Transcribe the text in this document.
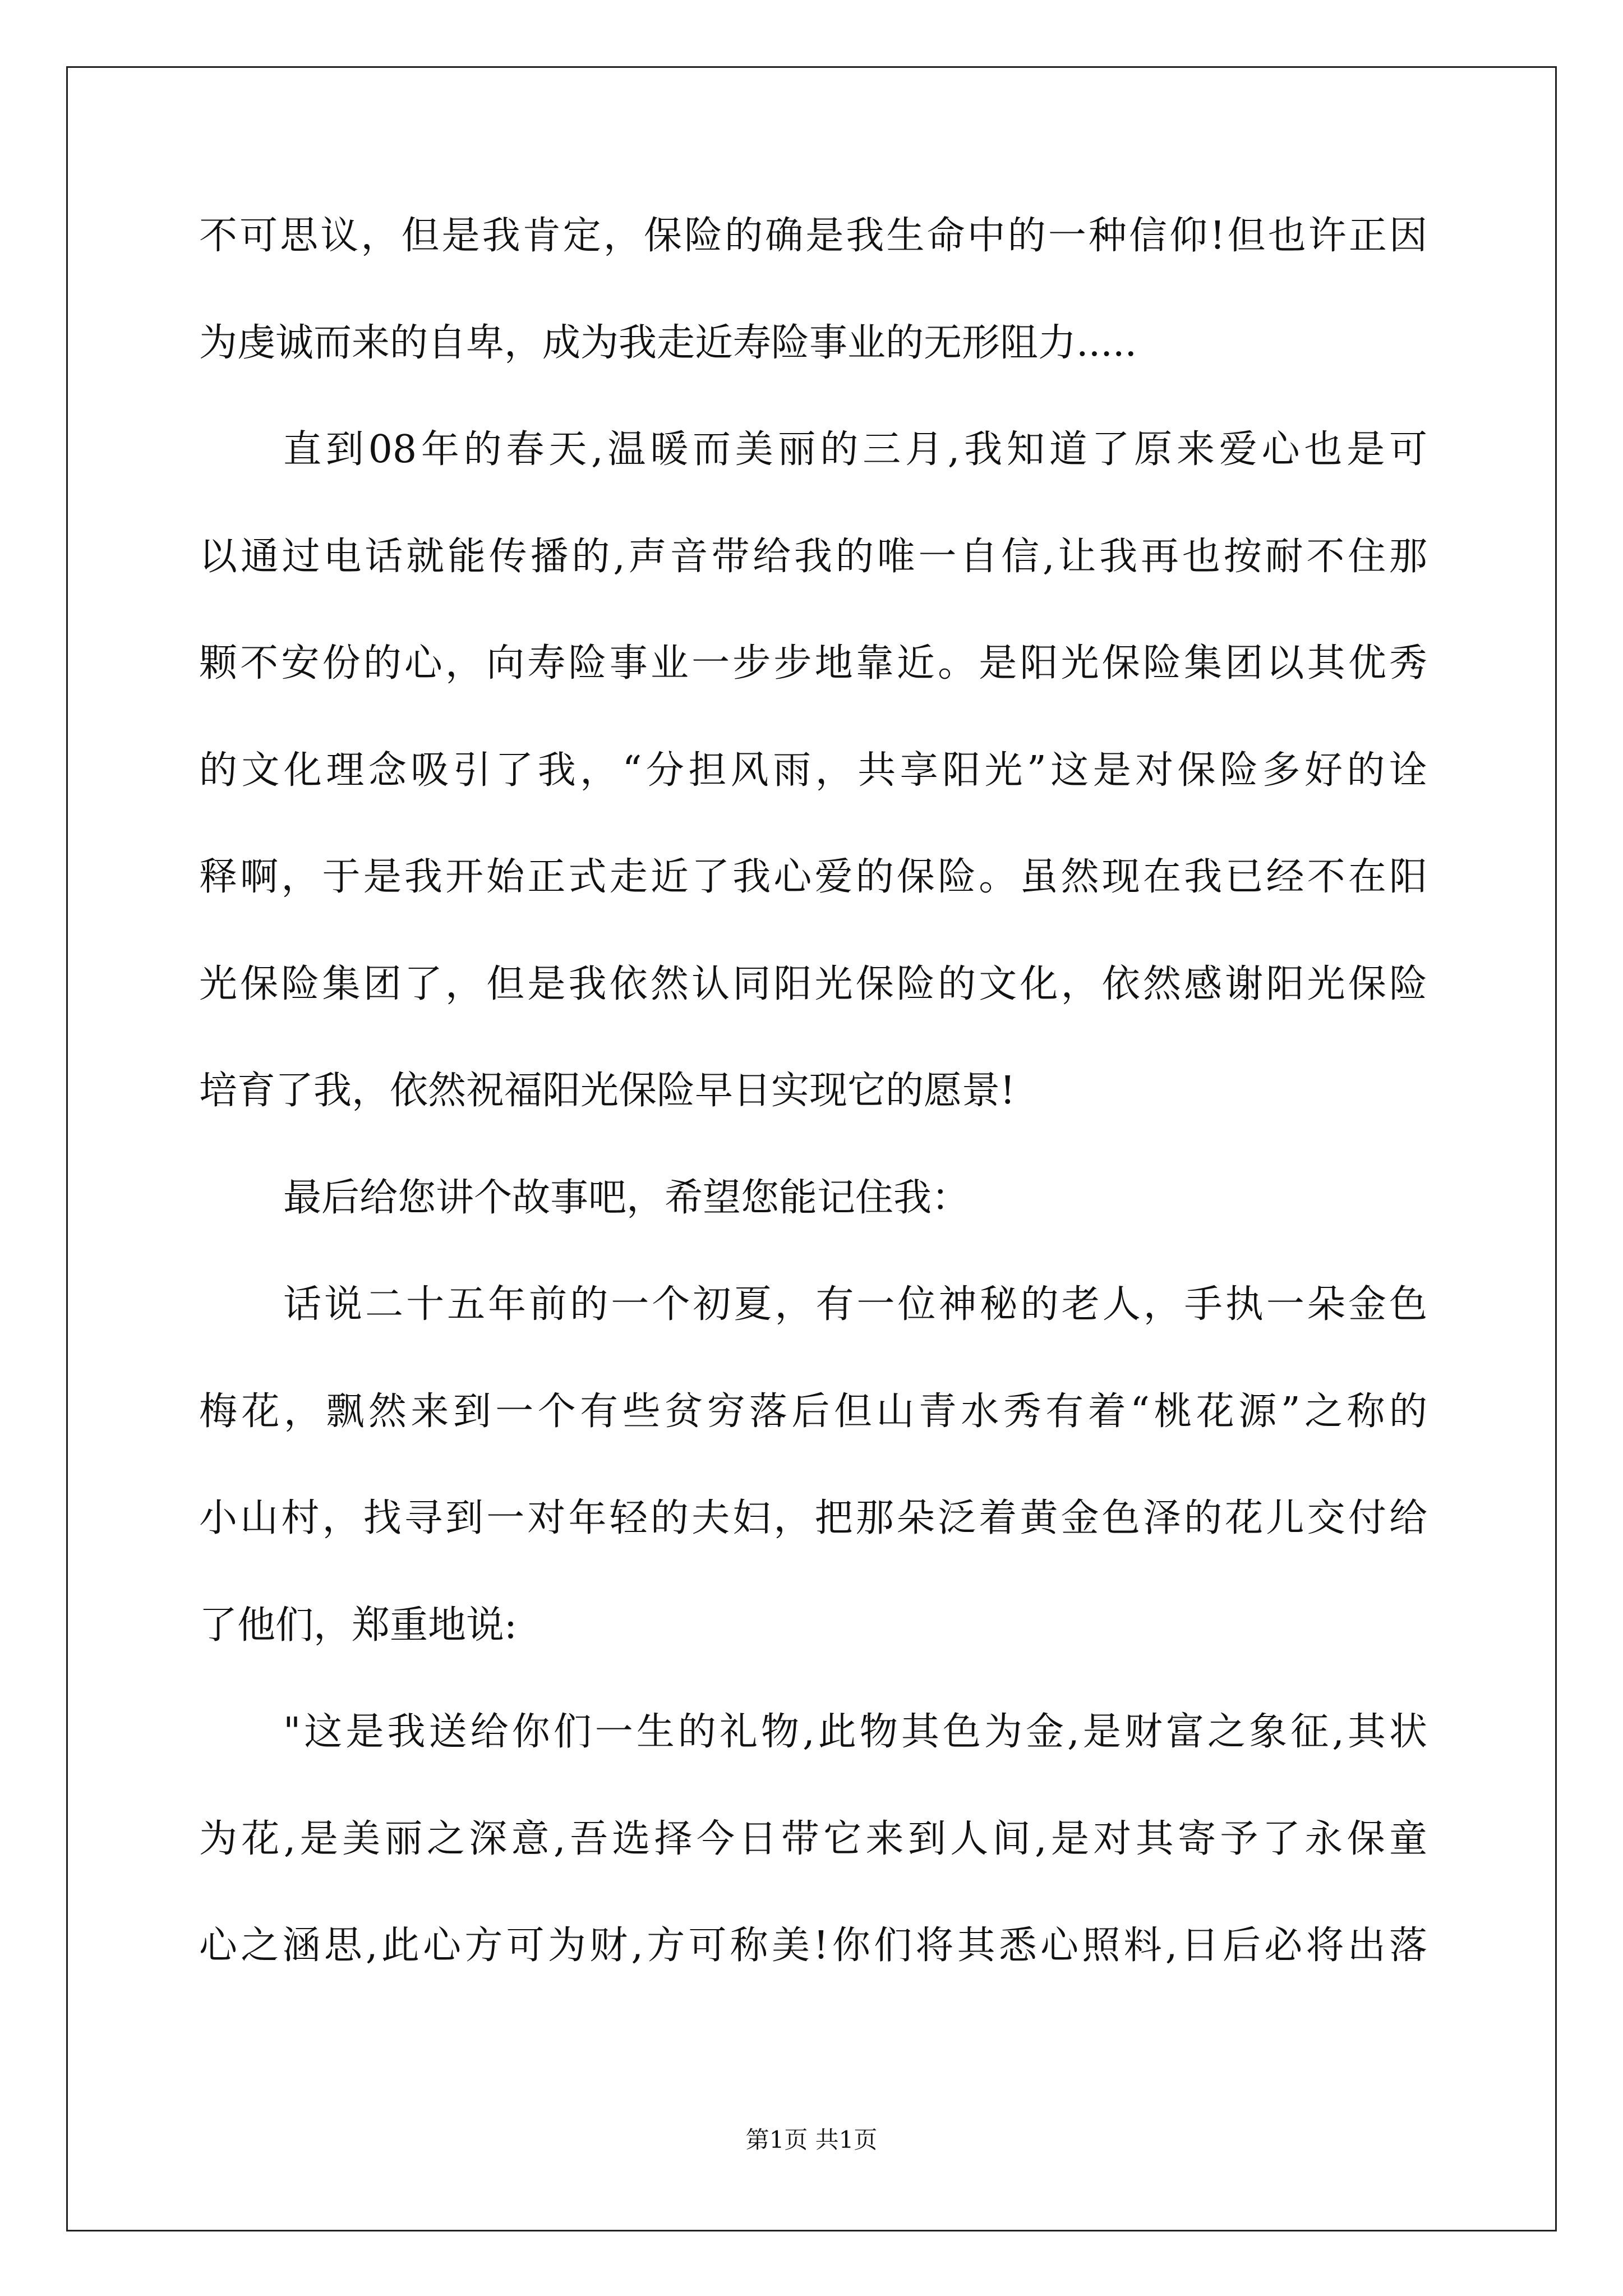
不可思议，但是我肯定，保险的确是我生命中的一种信仰!但也许正因

为虔诚而来的自卑，成为我走近寿险事业的无形阻力.....

直到08年的春天,温暖而美丽的三月,我知道了原来爱心也是可

以通过电话就能传播的,声音带给我的唯一自信,让我再也按耐不住那

颗不安份的心，向寿险事业一步步地靠近。是阳光保险集团以其优秀

的文化理念吸引了我，“分担风雨，共享阳光”这是对保险多好的诠

释啊，于是我开始正式走近了我心爱的保险。虽然现在我已经不在阳

光保险集团了，但是我依然认同阳光保险的文化，依然感谢阳光保险

培育了我，依然祝福阳光保险早日实现它的愿景!

最后给您讲个故事吧，希望您能记住我：

话说二十五年前的一个初夏，有一位神秘的老人，手执一朵金色

梅花，飘然来到一个有些贫穷落后但山青水秀有着“桃花源”之称的

小山村，找寻到一对年轻的夫妇，把那朵泛着黄金色泽的花儿交付给

了他们，郑重地说:

"这是我送给你们一生的礼物,此物其色为金,是财富之象征,其状

为花,是美丽之深意,吾选择今日带它来到人间,是对其寄予了永保童

心之涵思,此心方可为财,方可称美!你们将其悉心照料,日后必将出落

第1页 共1页
